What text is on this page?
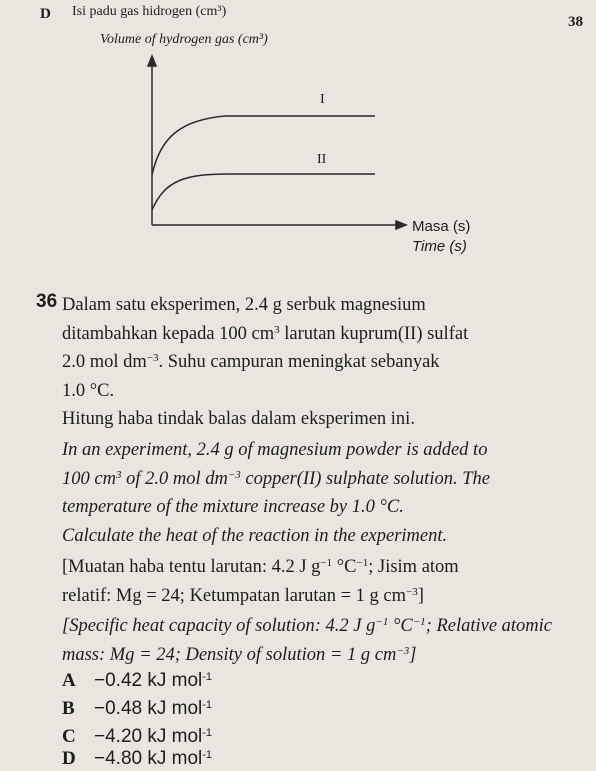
D Isi padu gas hidrogen (cm³)
38
Volume of hydrogen gas (cm³)
I
II
Masa (s)
Time (s)
36 Dalam satu eksperimen, 2.4 g serbuk magnesium
ditambahkan kepada 100 $cm^3$ larutan kuprum(II) sulfat
2.0 mol $dm^{-3}$. Suhu campuran meningkat sebanyak
1.0 °C.
Hitung haba tindak balas dalam eksperimen ini.
In an experiment, 2.4 g of magnesium powder is added to
100 $cm^3$ of 2.0 mol $dm^{-3}$ copper(II) sulphate solution. The
temperature of the mixture increase by 1.0 °C.
Calculate the heat of the reaction in the experiment.
[Muatan haba tentu larutan: 4.2 J $g^{-1}$ $^\circ C^{-1}$; Jisim atom
relatif: Mg = 24; Ketumpatan larutan = 1 g $cm^{-3}$]
[Specific heat capacity of solution: 4.2 J $g^{-1}$ $^\circ C^{-1}$; Relative atomic
mass: Mg = 24; Density of solution = 1 g $cm^{-3}$]
A −0.42 kJ mol$^{-1}$
B −0.48 kJ mol$^{-1}$
C −4.20 kJ mol$^{-1}$
D −4.80 kJ mol$^{-1}$
